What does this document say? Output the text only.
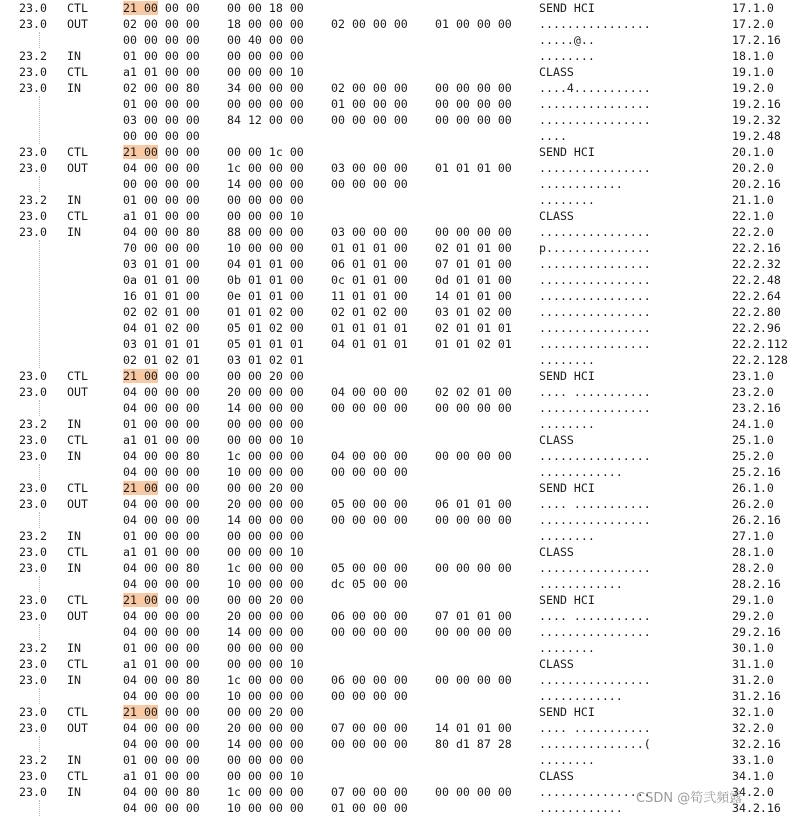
23.0 CTL	21 00 00 00 00 00 18 00	SEND HCI	17.1.0
23.0 OUT	02 00 00 00 18 00 00 00 02 00 00 00 01 00 00 00 ................	17.2.0
00 00 00 00 00 40 00 00	.....@..	17.2.16
23.2 IN	01 00 00 00 00 00 00 00	........	18.1.0
23.0 CTL	a1 01 00 00 00 00 00 10	CLASS	19.1.0
23.0 IN	02 00 00 80 34 00 00 00 02 00 00 00 00 00 00 00 ....4...........	19.2.0
01 00 00 00 00 00 00 00 01 00 00 00 00 00 00 00 ................	19.2.16
03 00 00 00 84 12 00 00 00 00 00 00 00 00 00 00 ................	19.2.32
00 00 00 00	....	19.2.48
23.0 CTL	21 00 00 00 00 00 1c 00	SEND HCI	20.1.0
23.0 OUT	04 00 00 00 1c 00 00 00 03 00 00 00 01 01 01 00 ................	20.2.0
00 00 00 00 14 00 00 00 00 00 00 00	............	20.2.16
23.2 IN	01 00 00 00 00 00 00 00	........	21.1.0
23.0 CTL	a1 01 00 00 00 00 00 10	CLASS	22.1.0
23.0 IN	04 00 00 80 88 00 00 00 03 00 00 00 00 00 00 00 ................	22.2.0
70 00 00 00 10 00 00 00 01 01 01 00 02 01 01 00 p...............	22.2.16
03 01 01 00 04 01 01 00 06 01 01 00 07 01 01 00 ................	22.2.32
0a 01 01 00 0b 01 01 00 0c 01 01 00 0d 01 01 00 ................	22.2.48
16 01 01 00 0e 01 01 00 11 01 01 00 14 01 01 00 ................	22.2.64
02 02 01 00 01 01 02 00 02 01 02 00 03 01 02 00 ................	22.2.80
04 01 02 00 05 01 02 00 01 01 01 01 02 01 01 01 ................	22.2.96
03 01 01 01 05 01 01 01 04 01 01 01 01 01 02 01 ................	22.2.112
02 01 02 01 03 01 02 01	........	22.2.128
23.0 CTL	21 00 00 00 00 00 20 00	SEND HCI	23.1.0
23.0 OUT	04 00 00 00 20 00 00 00 04 00 00 00 02 02 01 00 .... ...........	23.2.0
04 00 00 00 14 00 00 00 00 00 00 00 00 00 00 00 ................	23.2.16
23.2 IN	01 00 00 00 00 00 00 00	........	24.1.0
23.0 CTL	a1 01 00 00 00 00 00 10	CLASS	25.1.0
23.0 IN	04 00 00 80 1c 00 00 00 04 00 00 00 00 00 00 00 ................	25.2.0
04 00 00 00 10 00 00 00 00 00 00 00	............	25.2.16
23.0 CTL	21 00 00 00 00 00 20 00	SEND HCI	26.1.0
23.0 OUT	04 00 00 00 20 00 00 00 05 00 00 00 06 01 01 00 .... ...........	26.2.0
04 00 00 00 14 00 00 00 00 00 00 00 00 00 00 00 ................	26.2.16
23.2 IN	01 00 00 00 00 00 00 00	........	27.1.0
23.0 CTL	a1 01 00 00 00 00 00 10	CLASS	28.1.0
23.0 IN	04 00 00 80 1c 00 00 00 05 00 00 00 00 00 00 00 ................	28.2.0
04 00 00 00 10 00 00 00 dc 05 00 00	............	28.2.16
23.0 CTL	21 00 00 00 00 00 20 00	SEND HCI	29.1.0
23.0 OUT	04 00 00 00 20 00 00 00 06 00 00 00 07 01 01 00 .... ...........	29.2.0
04 00 00 00 14 00 00 00 00 00 00 00 00 00 00 00 ................	29.2.16
23.2 IN	01 00 00 00 00 00 00 00	........	30.1.0
23.0 CTL	a1 01 00 00 00 00 00 10	CLASS	31.1.0
23.0 IN	04 00 00 80 1c 00 00 00 06 00 00 00 00 00 00 00 ................	31.2.0
04 00 00 00 10 00 00 00 00 00 00 00	............	31.2.16
23.0 CTL	21 00 00 00 00 00 20 00	SEND HCI	32.1.0
23.0 OUT	04 00 00 00 20 00 00 00 07 00 00 00 14 01 01 00 .... ...........	32.2.0
04 00 00 00 14 00 00 00 00 00 00 00 80 d1 87 28 ...............(	32.2.16
23.2 IN	01 00 00 00 00 00 00 00	........	33.1.0
23.0 CTL	a1 01 00 00 00 00 00 10	CLASS	34.1.0
23.0 IN	04 00 00 80 1c 00 00 00 07 00 00 00 00 00 00 00 ................	34.2.0
04 00 00 00 10 00 00 00 01 00 00 00	............	34.2.16
CSDN @筍弐頻露
